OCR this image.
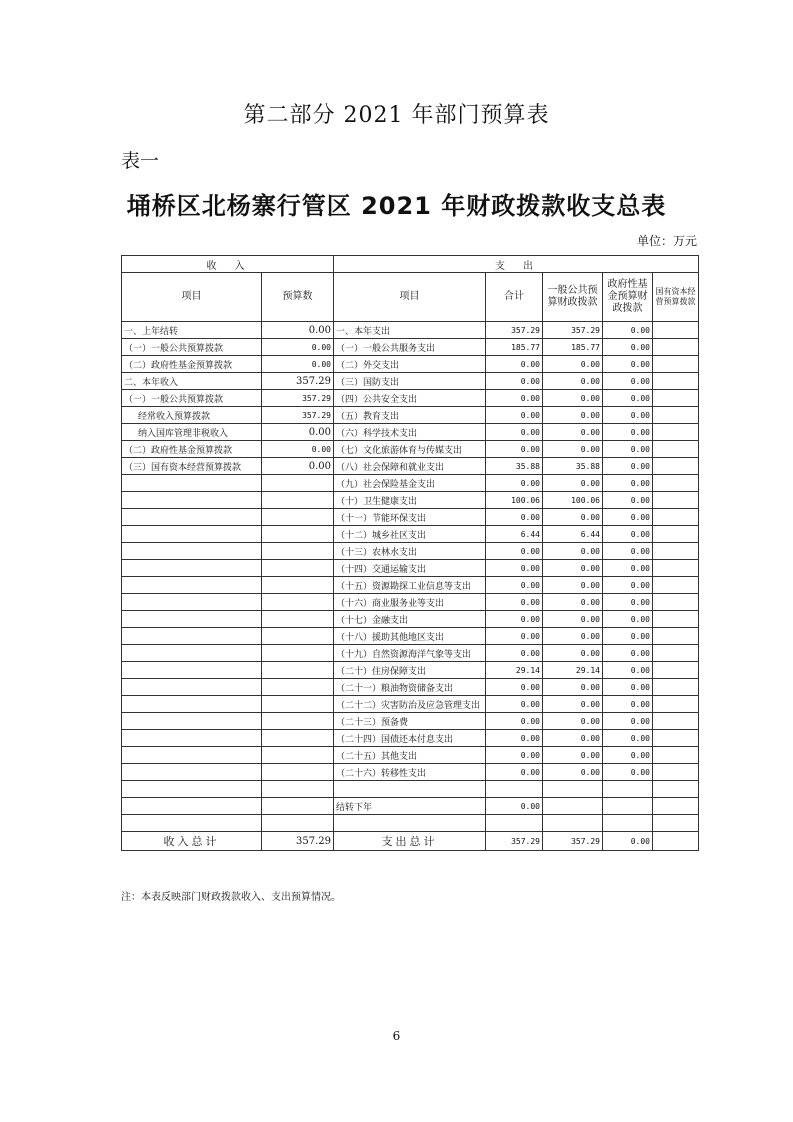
第二部分 2021 年部门预算表
表一
埇桥区北杨寨行管区 2021 年财政拨款收支总表
单位：万元
收　入		支　出				
项目	预算数	项目	合计	一般公共预算财政拨款	政府性基金预算财政拨款	国有资本经营预算拨款
一、上年结转	0.00	一、本年支出	357.29	357.29	0.00	
（一）一般公共预算拨款	0.00	（一）一般公共服务支出	185.77	185.77	0.00	
（二）政府性基金预算拨款	0.00	（二）外交支出	0.00	0.00	0.00	
二、本年收入	357.29	（三）国防支出	0.00	0.00	0.00	
（一）一般公共预算拨款	357.29	（四）公共安全支出	0.00	0.00	0.00	
经常收入预算拨款	357.29	（五）教育支出	0.00	0.00	0.00	
纳入国库管理非税收入	0.00	（六）科学技术支出	0.00	0.00	0.00	
（二）政府性基金预算拨款	0.00	（七）文化旅游体育与传媒支出	0.00	0.00	0.00	
（三）国有资本经营预算拨款	0.00	（八）社会保障和就业支出	35.88	35.88	0.00	
		（九）社会保险基金支出	0.00	0.00	0.00	
		（十）卫生健康支出	100.06	100.06	0.00	
		（十一）节能环保支出	0.00	0.00	0.00	
		（十二）城乡社区支出	6.44	6.44	0.00	
		（十三）农林水支出	0.00	0.00	0.00	
		（十四）交通运输支出	0.00	0.00	0.00	
		（十五）资源勘探工业信息等支出	0.00	0.00	0.00	
		（十六）商业服务业等支出	0.00	0.00	0.00	
		（十七）金融支出	0.00	0.00	0.00	
		（十八）援助其他地区支出	0.00	0.00	0.00	
		（十九）自然资源海洋气象等支出	0.00	0.00	0.00	
		（二十）住房保障支出	29.14	29.14	0.00	
		（二十一）粮油物资储备支出	0.00	0.00	0.00	
		（二十二）灾害防治及应急管理支出	0.00	0.00	0.00	
		（二十三）预备费	0.00	0.00	0.00	
		（二十四）国债还本付息支出	0.00	0.00	0.00	
		（二十五）其他支出	0.00	0.00	0.00	
		（二十六）转移性支出	0.00	0.00	0.00	

		结转下年	0.00			

收入总计	357.29	支出总计	357.29	357.29	0.00	
注：本表反映部门财政拨款收入、支出预算情况。
6
